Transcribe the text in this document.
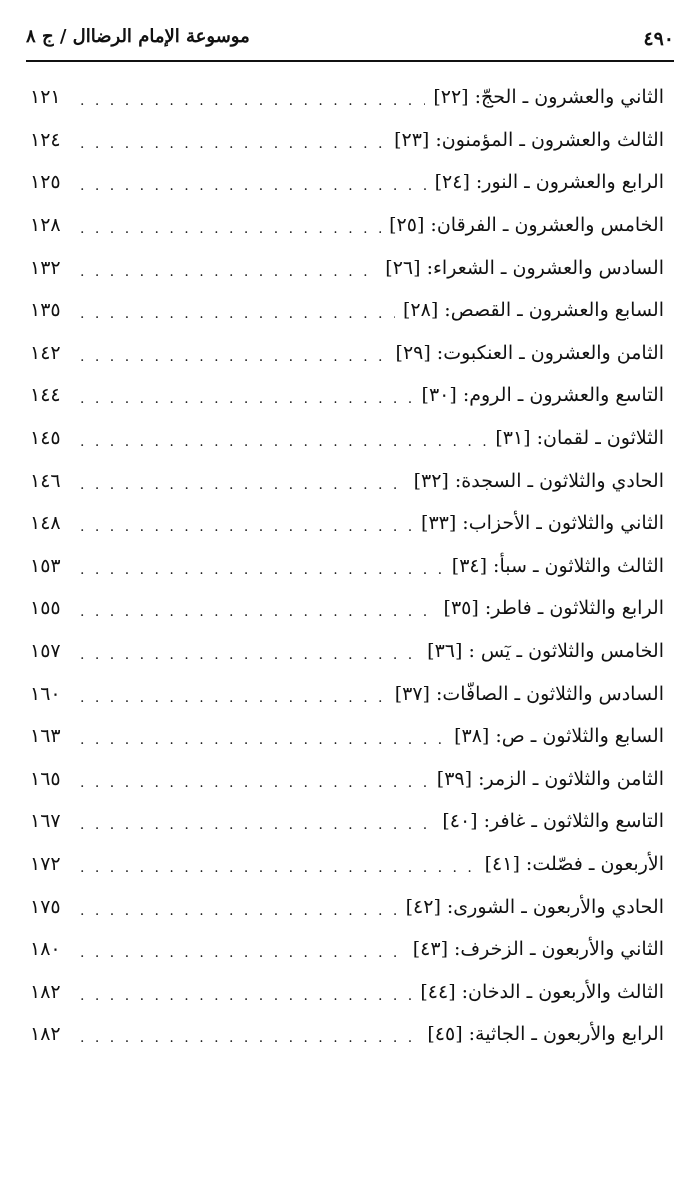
موسوعة الإمام الرضاال‌ / ج ٨	٤٩٠
الثاني والعشرون ـ الحجّ: [٢٢]
. . .
١٢١
الثالث والعشرون ـ المؤمنون: [٢٣]
. . .
١٢٤
الرابع والعشرون ـ النور: [٢٤]
. . .
١٢٥
الخامس والعشرون ـ الفرقان: [٢٥]
. . .
١٢٨
السادس والعشرون ـ الشعراء: [٢٦]
. . .
١٣٢
السابع والعشرون ـ القصص: [٢٨]
. . .
١٣٥
الثامن والعشرون ـ العنكبوت: [٢٩]
. . .
١٤٢
التاسع والعشرون ـ الروم: [٣٠]
. . .
١٤٤
الثلاثون ـ لقمان: [٣١]
. . .
١٤٥
الحادي والثلاثون ـ السجدة: [٣٢]
. . .
١٤٦
الثاني والثلاثون ـ الأحزاب: [٣٣]
. . .
١٤٨
الثالث والثلاثون ـ سبأ: [٣٤]
. . .
١٥٣
الرابع والثلاثون ـ فاطر: [٣٥]
. . .
١٥٥
الخامس والثلاثون ـ يٓس : [٣٦]
. . .
١٥٧
السادس والثلاثون ـ الصافّات: [٣٧]
. . .
١٦٠
السابع والثلاثون ـ ص: [٣٨]
. . .
١٦٣
الثامن والثلاثون ـ الزمر: [٣٩]
. . .
١٦٥
التاسع والثلاثون ـ غافر: [٤٠]
. . .
١٦٧
الأربعون ـ فصّلت: [٤١]
. . .
١٧٢
الحادي والأربعون ـ الشورى: [٤٢]
. . .
١٧٥
الثاني والأربعون ـ الزخرف: [٤٣]
. . .
١٨٠
الثالث والأربعون ـ الدخان: [٤٤]
. . .
١٨٢
الرابع والأربعون ـ الجاثية: [٤٥]
. . .
١٨٢
